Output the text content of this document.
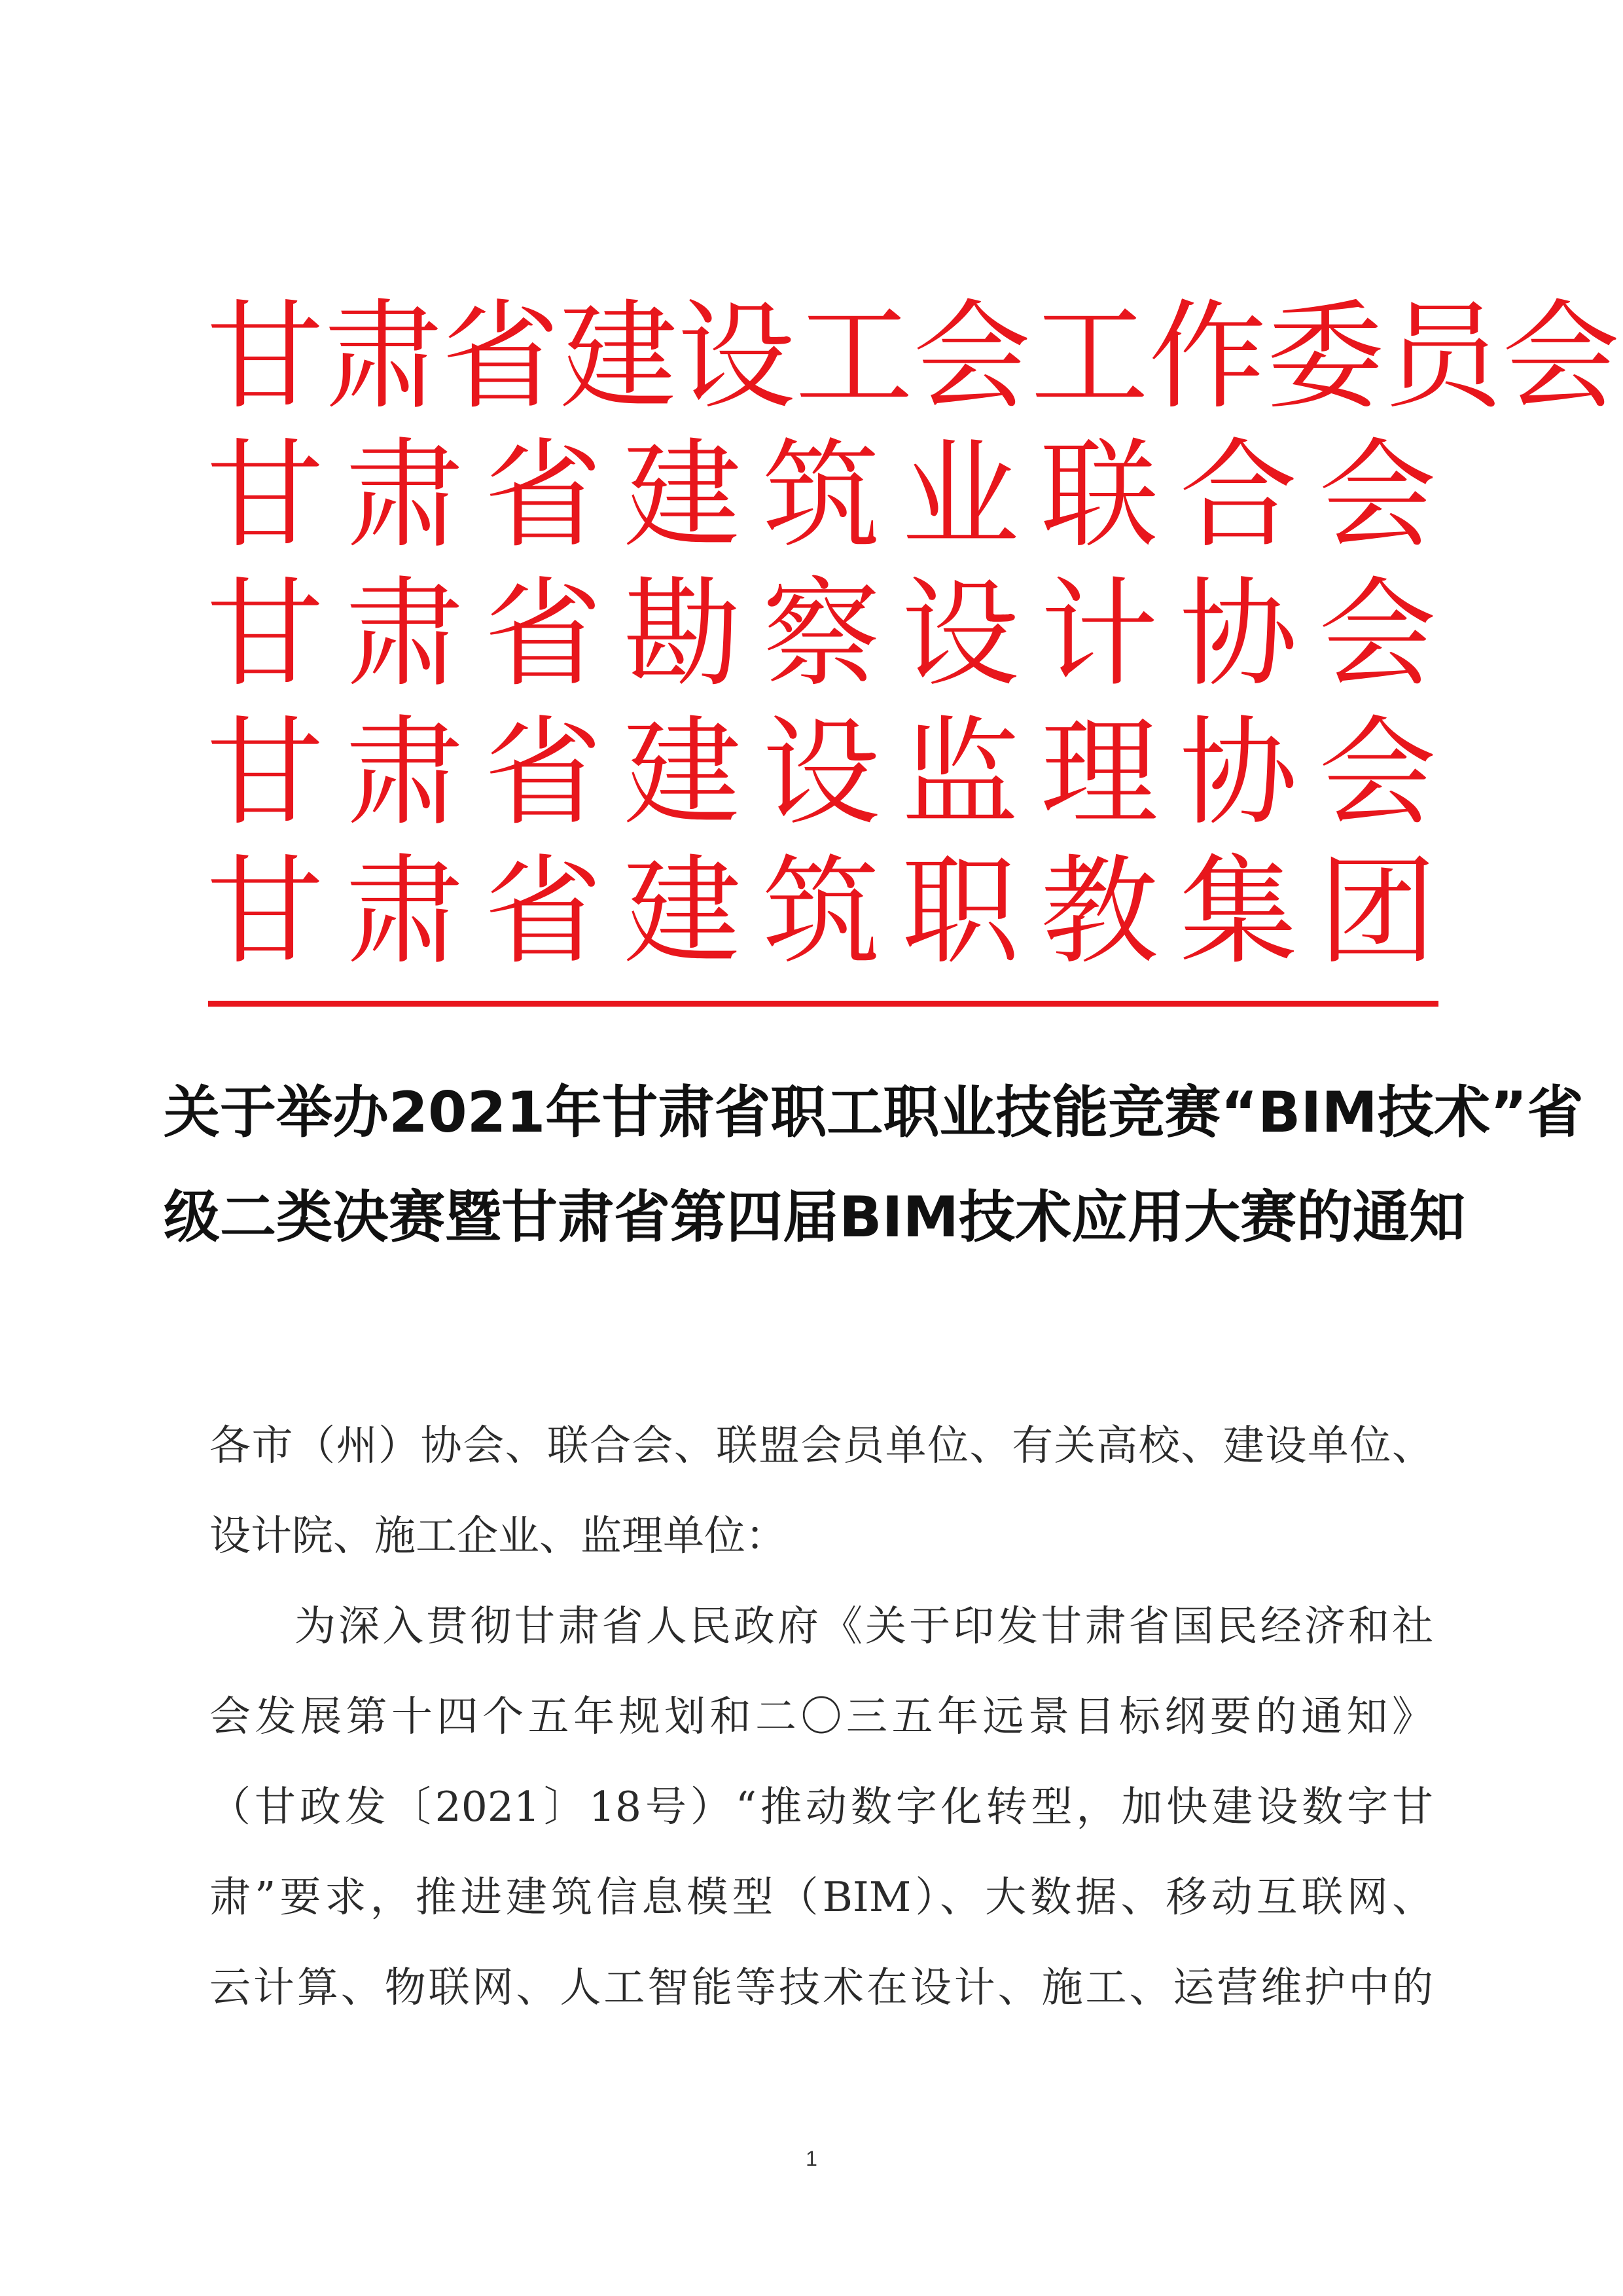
甘 肃 省 建 设 工 会 工 作 委 员 会
甘 肃 省 建 筑 业 联 合 会
甘 肃 省 勘 察 设 计 协 会
甘 肃 省 建 设 监 理 协 会
甘 肃 省 建 筑 职 教 集 团
关于举办2021年甘肃省职工职业技能竞赛“BIM技术”省
级二类决赛暨甘肃省第四届BIM技术应用大赛的通知
各市（州）协会、联合会、联盟会员单位、有关高校、建设单位、
设计院、施工企业、监理单位：
为深入贯彻甘肃省人民政府《关于印发甘肃省国民经济和社
会发展第十四个五年规划和二〇三五年远景目标纲要的通知》
（甘政发〔2021〕18号）“推动数字化转型，加快建设数字甘
肃”要求，推进建筑信息模型（BIM）、大数据、移动互联网、
云计算、物联网、人工智能等技术在设计、施工、运营维护中的
1
